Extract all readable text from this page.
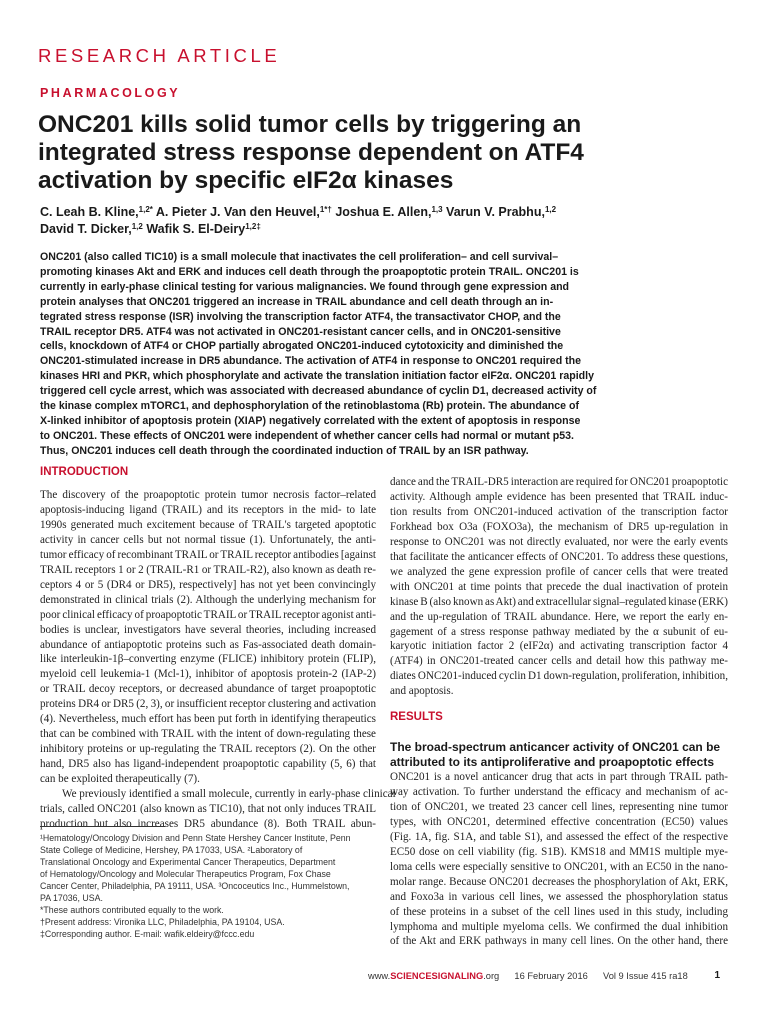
RESEARCH ARTICLE
PHARMACOLOGY
ONC201 kills solid tumor cells by triggering an
integrated stress response dependent on ATF4
activation by specific eIF2α kinases
C. Leah B. Kline,$^{1,2*}$ A. Pieter J. Van den Heuvel,$^{1*\dagger}$ Joshua E. Allen,$^{1,3}$ Varun V. Prabhu,$^{1,2}$
David T. Dicker,$^{1,2}$ Wafik S. El-Deiry$^{1,2\ddagger}$
ONC201 (also called TIC10) is a small molecule that inactivates the cell proliferation– and cell survival–
promoting kinases Akt and ERK and induces cell death through the proapoptotic protein TRAIL. ONC201 is
currently in early-phase clinical testing for various malignancies. We found through gene expression and
protein analyses that ONC201 triggered an increase in TRAIL abundance and cell death through an in-
tegrated stress response (ISR) involving the transcription factor ATF4, the transactivator CHOP, and the
TRAIL receptor DR5. ATF4 was not activated in ONC201-resistant cancer cells, and in ONC201-sensitive
cells, knockdown of ATF4 or CHOP partially abrogated ONC201-induced cytotoxicity and diminished the
ONC201-stimulated increase in DR5 abundance. The activation of ATF4 in response to ONC201 required the
kinases HRI and PKR, which phosphorylate and activate the translation initiation factor eIF2α. ONC201 rapidly
triggered cell cycle arrest, which was associated with decreased abundance of cyclin D1, decreased activity of
the kinase complex mTORC1, and dephosphorylation of the retinoblastoma (Rb) protein. The abundance of
X-linked inhibitor of apoptosis protein (XIAP) negatively correlated with the extent of apoptosis in response
to ONC201. These effects of ONC201 were independent of whether cancer cells had normal or mutant p53.
Thus, ONC201 induces cell death through the coordinated induction of TRAIL by an ISR pathway.
INTRODUCTION
The discovery of the proapoptotic protein tumor necrosis factor–related
apoptosis-inducing ligand (TRAIL) and its receptors in the mid- to late
1990s generated much excitement because of TRAIL's targeted apoptotic
activity in cancer cells but not normal tissue (1). Unfortunately, the anti-
tumor efficacy of recombinant TRAIL or TRAIL receptor antibodies [against
TRAIL receptors 1 or 2 (TRAIL-R1 or TRAIL-R2), also known as death re-
ceptors 4 or 5 (DR4 or DR5), respectively] has not yet been convincingly
demonstrated in clinical trials (2). Although the underlying mechanism for
poor clinical efficacy of proapoptotic TRAIL or TRAIL receptor agonist anti-
bodies is unclear, investigators have several theories, including increased
abundance of antiapoptotic proteins such as Fas-associated death domain-
like interleukin-1β–converting enzyme (FLICE) inhibitory protein (FLIP),
myeloid cell leukemia-1 (Mcl-1), inhibitor of apoptosis protein-2 (IAP-2)
or TRAIL decoy receptors, or decreased abundance of target proapoptotic
proteins DR4 or DR5 (2, 3), or insufficient receptor clustering and activation
(4). Nevertheless, much effort has been put forth in identifying therapeutics
that can be combined with TRAIL with the intent of down-regulating these
inhibitory proteins or up-regulating the TRAIL receptors (2). On the other
hand, DR5 also has ligand-independent proapoptotic capability (5, 6) that
can be exploited therapeutically (7).
We previously identified a small molecule, currently in early-phase clinical
trials, called ONC201 (also known as TIC10), that not only induces TRAIL
production but also increases DR5 abundance (8). Both TRAIL abun-
dance and the TRAIL-DR5 interaction are required for ONC201 proapoptotic
activity. Although ample evidence has been presented that TRAIL induc-
tion results from ONC201-induced activation of the transcription factor
Forkhead box O3a (FOXO3a), the mechanism of DR5 up-regulation in
response to ONC201 was not directly evaluated, nor were the early events
that facilitate the anticancer effects of ONC201. To address these questions,
we analyzed the gene expression profile of cancer cells that were treated
with ONC201 at time points that precede the dual inactivation of protein
kinase B (also known as Akt) and extracellular signal–regulated kinase (ERK)
and the up-regulation of TRAIL abundance. Here, we report the early en-
gagement of a stress response pathway mediated by the α subunit of eu-
karyotic initiation factor 2 (eIF2α) and activating transcription factor 4
(ATF4) in ONC201-treated cancer cells and detail how this pathway me-
diates ONC201-induced cyclin D1 down-regulation, proliferation, inhibition,
and apoptosis.
RESULTS
The broad-spectrum anticancer activity of ONC201 can be
attributed to its antiproliferative and proapoptotic effects
ONC201 is a novel anticancer drug that acts in part through TRAIL path-
way activation. To further understand the efficacy and mechanism of ac-
tion of ONC201, we treated 23 cancer cell lines, representing nine tumor
types, with ONC201, determined effective concentration (EC50) values
(Fig. 1A, fig. S1A, and table S1), and assessed the effect of the respective
EC50 dose on cell viability (fig. S1B). KMS18 and MM1S multiple mye-
loma cells were especially sensitive to ONC201, with an EC50 in the nano-
molar range. Because ONC201 decreases the phosphorylation of Akt, ERK,
and Foxo3a in various cell lines, we assessed the phosphorylation status
of these proteins in a subset of the cell lines used in this study, including
lymphoma and multiple myeloma cells. We confirmed the dual inhibition
of the Akt and ERK pathways in many cell lines. On the other hand, there
¹Hematology/Oncology Division and Penn State Hershey Cancer Institute, Penn
State College of Medicine, Hershey, PA 17033, USA. ²Laboratory of
Translational Oncology and Experimental Cancer Therapeutics, Department
of Hematology/Oncology and Molecular Therapeutics Program, Fox Chase
Cancer Center, Philadelphia, PA 19111, USA. ³Oncoceutics Inc., Hummelstown,
PA 17036, USA.
*These authors contributed equally to the work.
†Present address: Vironika LLC, Philadelphia, PA 19104, USA.
‡Corresponding author. E-mail: wafik.eldeiry@fccc.edu
www.SCIENCESIGNALING.org 16 February 2016 Vol 9 Issue 415 ra18	1
